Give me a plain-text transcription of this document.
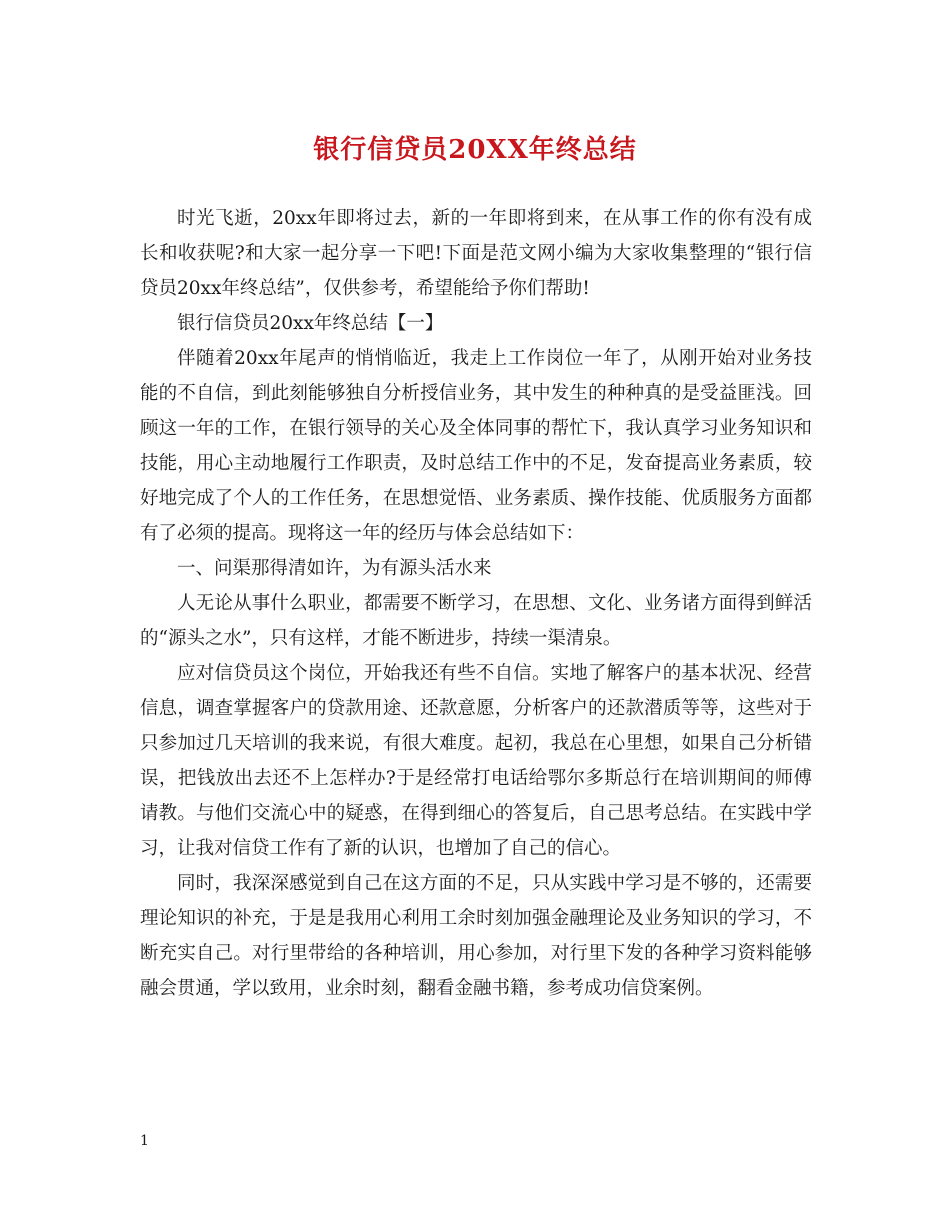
银行信贷员20XX年终总结

时光飞逝，20xx年即将过去，新的一年即将到来，在从事工作的你有没有成长和收获呢?和大家一起分享一下吧!下面是范文网小编为大家收集整理的“银行信贷员20xx年终总结”，仅供参考，希望能给予你们帮助!

银行信贷员20xx年终总结【一】

伴随着20xx年尾声的悄悄临近，我走上工作岗位一年了，从刚开始对业务技能的不自信，到此刻能够独自分析授信业务，其中发生的种种真的是受益匪浅。回顾这一年的工作，在银行领导的关心及全体同事的帮忙下，我认真学习业务知识和技能，用心主动地履行工作职责，及时总结工作中的不足，发奋提高业务素质，较好地完成了个人的工作任务，在思想觉悟、业务素质、操作技能、优质服务方面都有了必须的提高。现将这一年的经历与体会总结如下：

一、问渠那得清如许，为有源头活水来

人无论从事什么职业，都需要不断学习，在思想、文化、业务诸方面得到鲜活的“源头之水”，只有这样，才能不断进步，持续一渠清泉。

应对信贷员这个岗位，开始我还有些不自信。实地了解客户的基本状况、经营信息，调查掌握客户的贷款用途、还款意愿，分析客户的还款潜质等等，这些对于只参加过几天培训的我来说，有很大难度。起初，我总在心里想，如果自己分析错误，把钱放出去还不上怎样办?于是经常打电话给鄂尔多斯总行在培训期间的师傅请教。与他们交流心中的疑惑，在得到细心的答复后，自己思考总结。在实践中学习，让我对信贷工作有了新的认识，也增加了自己的信心。

同时，我深深感觉到自己在这方面的不足，只从实践中学习是不够的，还需要理论知识的补充，于是是我用心利用工余时刻加强金融理论及业务知识的学习，不断充实自己。对行里带给的各种培训，用心参加，对行里下发的各种学习资料能够融会贯通，学以致用，业余时刻，翻看金融书籍，参考成功信贷案例。

1
